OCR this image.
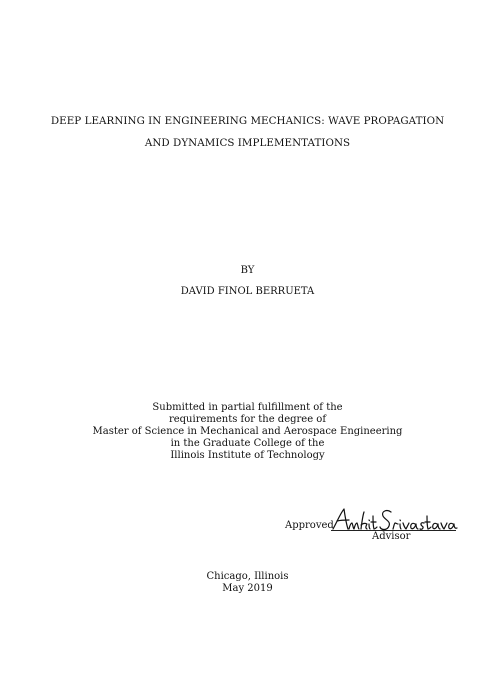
DEEP LEARNING IN ENGINEERING MECHANICS: WAVE PROPAGATION
AND DYNAMICS IMPLEMENTATIONS
BY
DAVID FINOL BERRUETA
Submitted in partial fulfillment of the
requirements for the degree of
Master of Science in Mechanical and Aerospace Engineering
in the Graduate College of the
Illinois Institute of Technology
Approved
Advisor
Chicago, Illinois
May 2019
